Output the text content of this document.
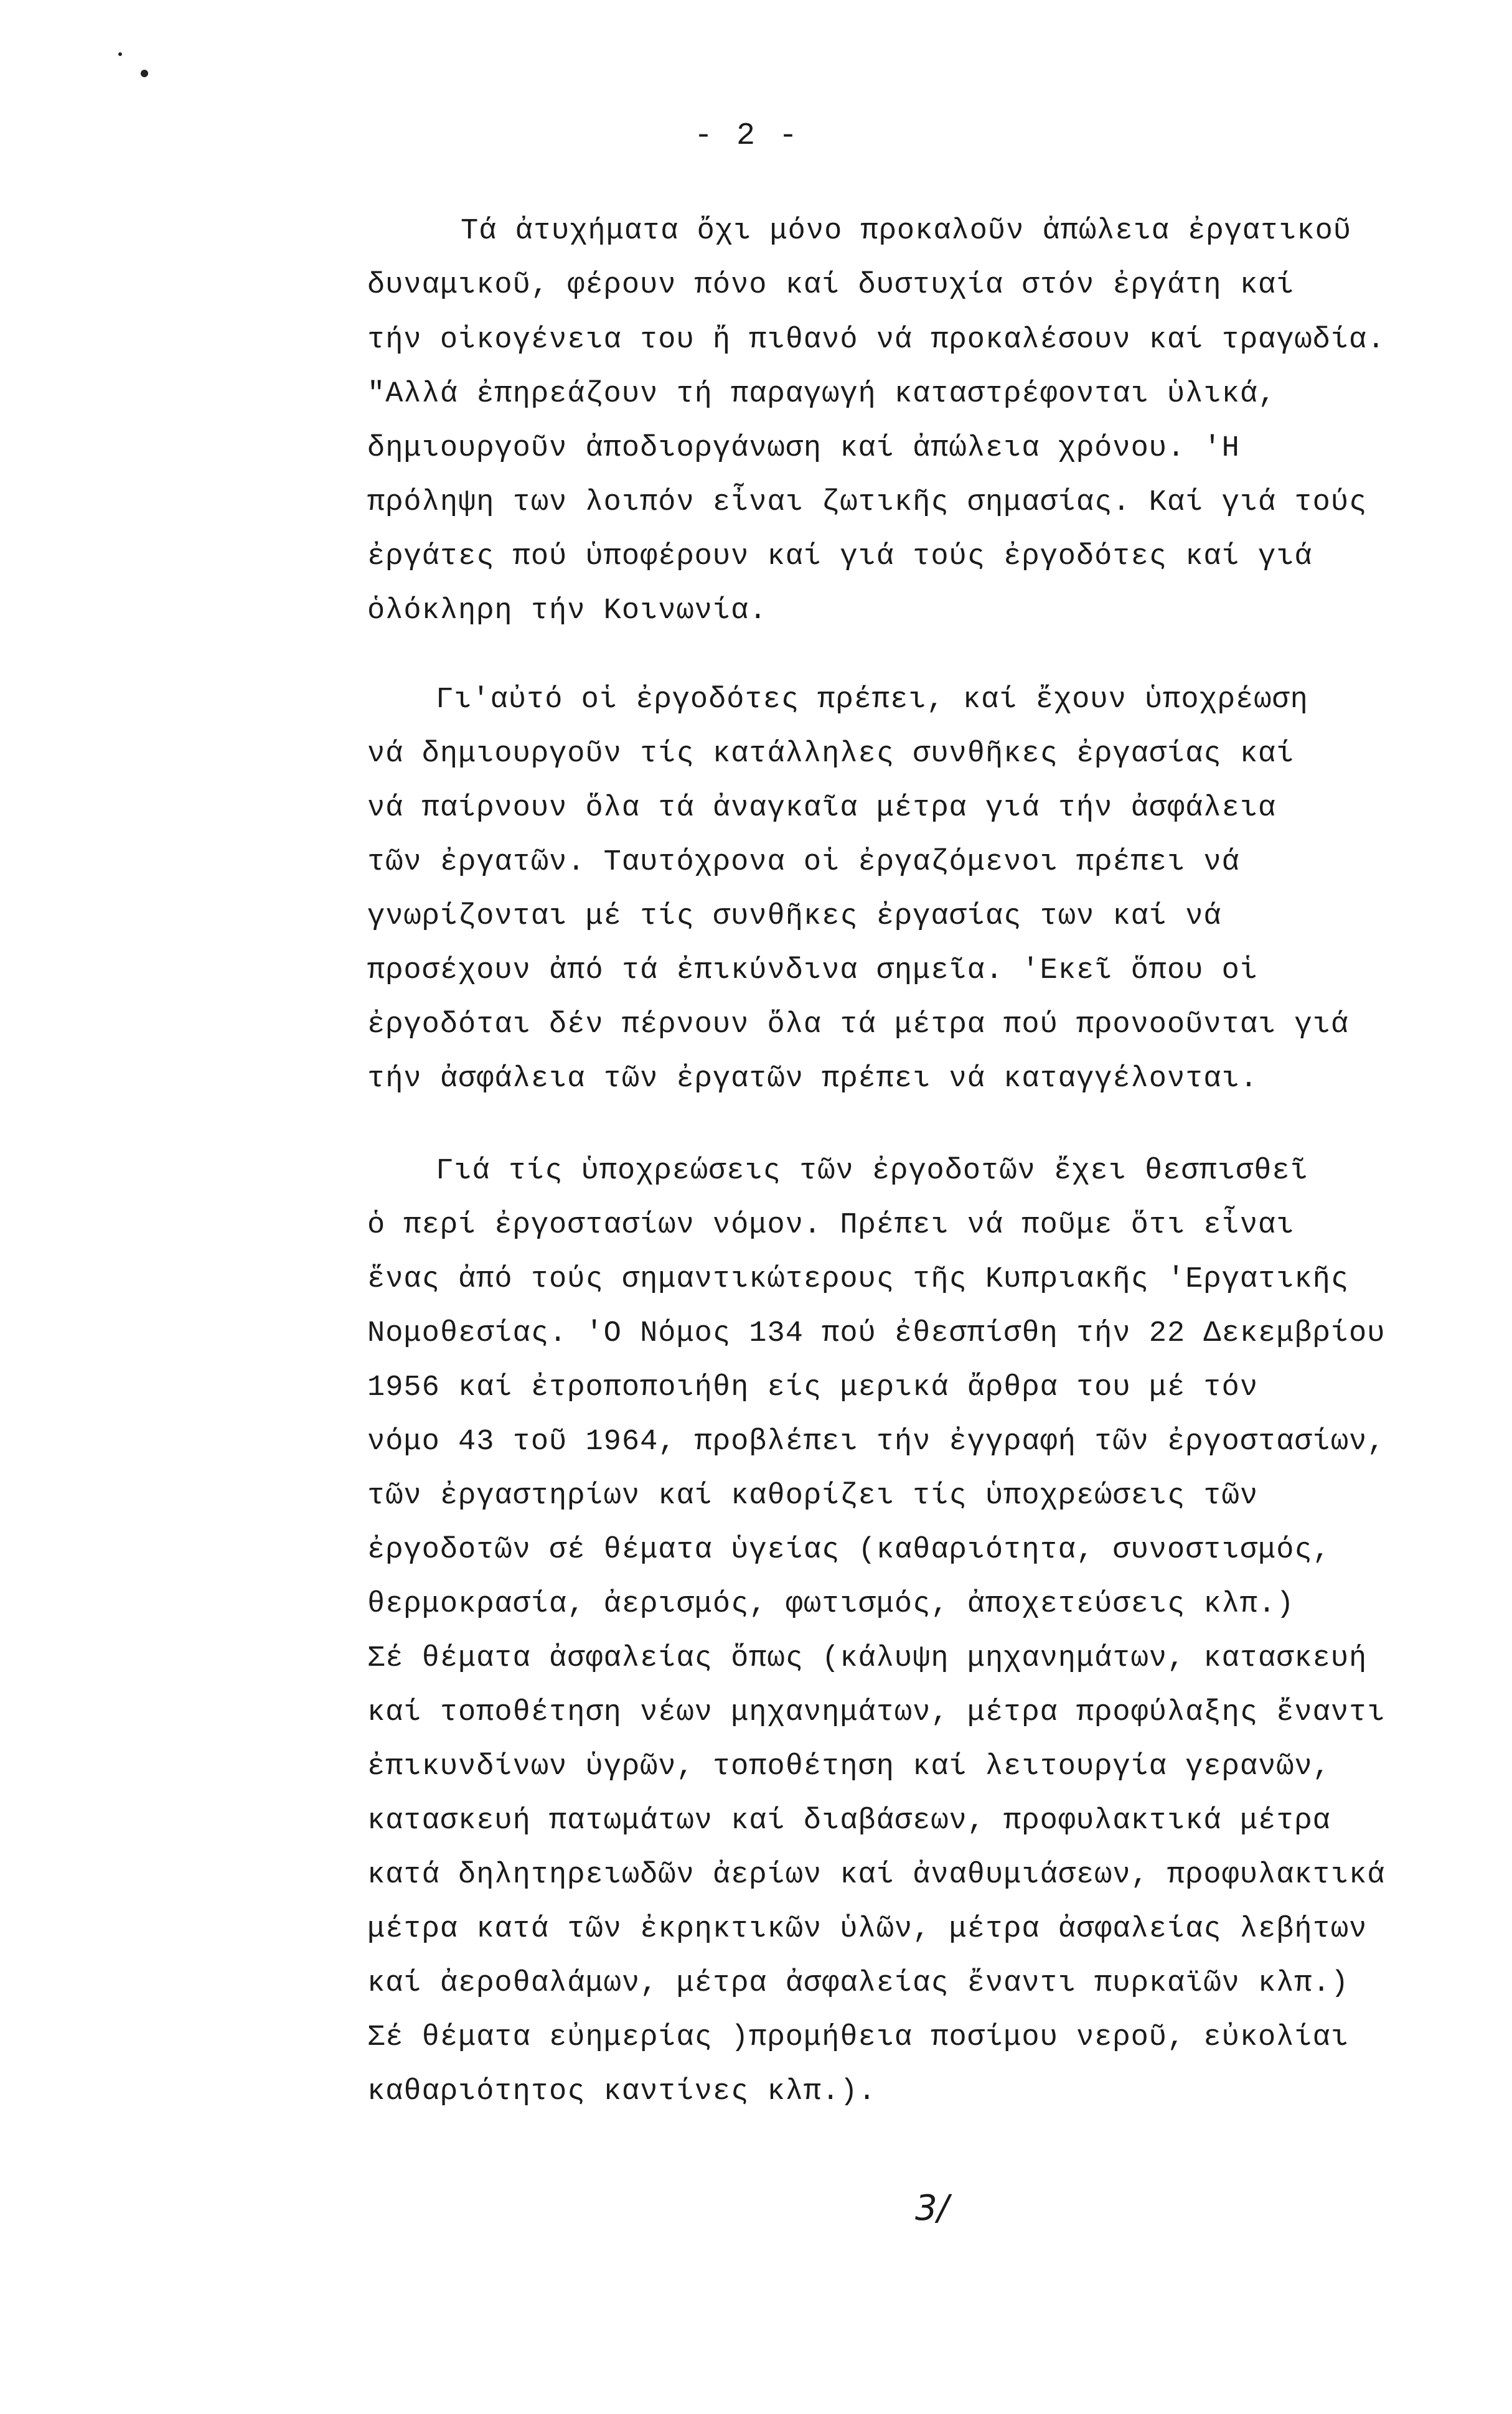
- 2 -
Τά ἀτυχήματα ὄχι μόνο προκαλοῦν ἀπώλεια ἐργατικοῦ
δυναμικοῦ, φέρουν πόνο καί δυστυχία στόν ἐργάτη καί
τήν οἰκογένεια του ἤ πιθανό νά προκαλέσουν καί τραγωδία.
"Αλλά ἐπηρεάζουν τή παραγωγή καταστρέφονται ὑλικά,
δημιουργοῦν ἀποδιοργάνωση καί ἀπώλεια χρόνου. 'Η
πρόληψη των λοιπόν εἶναι ζωτικῆς σημασίας. Καί γιά τούς
ἐργάτες πού ὑποφέρουν καί γιά τούς ἐργοδότες καί γιά
ὁλόκληρη τήν Κοινωνία.
Γι'αὐτό οἱ ἐργοδότες πρέπει, καί ἔχουν ὑποχρέωση
νά δημιουργοῦν τίς κατάλληλες συνθῆκες ἐργασίας καί
νά παίρνουν ὅλα τά ἀναγκαῖα μέτρα γιά τήν ἀσφάλεια
τῶν ἐργατῶν. Ταυτόχρονα οἱ ἐργαζόμενοι πρέπει νά
γνωρίζονται μέ τίς συνθῆκες ἐργασίας των καί νά
προσέχουν ἀπό τά ἐπικύνδινα σημεῖα. 'Εκεῖ ὅπου οἱ
ἐργοδόται δέν πέρνουν ὅλα τά μέτρα πού προνοοῦνται γιά
τήν ἀσφάλεια τῶν ἐργατῶν πρέπει νά καταγγέλονται.
Γιά τίς ὑποχρεώσεις τῶν ἐργοδοτῶν ἔχει θεσπισθεῖ
ὁ περί ἐργοστασίων νόμον. Πρέπει νά ποῦμε ὅτι εἶναι
ἕνας ἀπό τούς σημαντικώτερους τῆς Κυπριακῆς 'Εργατικῆς
Νομοθεσίας. 'Ο Νόμος 134 πού ἐθεσπίσθη τήν 22 Δεκεμβρίου
1956 καί ἐτροποποιήθη είς μερικά ἄρθρα του μέ τόν
νόμο 43 τοῦ 1964, προβλέπει τήν ἐγγραφή τῶν ἐργοστασίων,
τῶν ἐργαστηρίων καί καθορίζει τίς ὑποχρεώσεις τῶν
ἐργοδοτῶν σέ θέματα ὑγείας (καθαριότητα, συνοστισμός,
θερμοκρασία, ἀερισμός, φωτισμός, ἀποχετεύσεις κλπ.)
Σέ θέματα ἀσφαλείας ὅπως (κάλυψη μηχανημάτων, κατασκευή
καί τοποθέτηση νέων μηχανημάτων, μέτρα προφύλαξης ἔναντι
ἐπικυνδίνων ὑγρῶν, τοποθέτηση καί λειτουργία γερανῶν,
κατασκευή πατωμάτων καί διαβάσεων, προφυλακτικά μέτρα
κατά δηλητηρειωδῶν ἀερίων καί ἀναθυμιάσεων, προφυλακτικά
μέτρα κατά τῶν ἐκρηκτικῶν ὑλῶν, μέτρα ἀσφαλείας λεβήτων
καί ἀεροθαλάμων, μέτρα ἀσφαλείας ἔναντι πυρκαϊῶν κλπ.)
Σέ θέματα εὐημερίας )προμήθεια ποσίμου νεροῦ, εὐκολίαι
καθαριότητος καντίνες κλπ.).
3/
